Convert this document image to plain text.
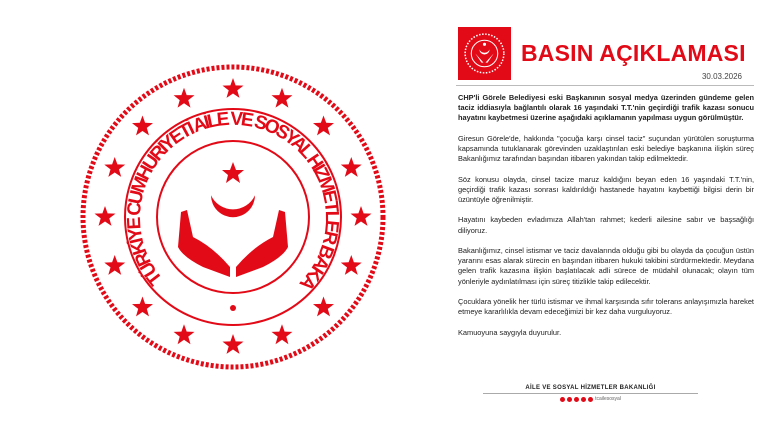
TÜRKİYE CUMHURİYETİ AİLE VE SOSYAL HİZMETLER BAKA
BASIN AÇIKLAMASI
30.03.2026

CHP'li Görele Belediyesi eski Başkanının sosyal medya üzerinden gündeme gelen taciz iddiasıyla bağlantılı olarak 16 yaşındaki T.T.'nin geçirdiği trafik kazası sonucu hayatını kaybetmesi üzerine aşağıdaki açıklamanın yapılması uygun görülmüştür.

Giresun Görele'de, hakkında "çocuğa karşı cinsel taciz" suçundan yürütülen soruşturma kapsamında tutuklanarak görevinden uzaklaştırılan eski belediye başkanına ilişkin süreç Bakanlığımız tarafından başından itibaren yakından takip edilmektedir.

Söz konusu olayda, cinsel tacize maruz kaldığını beyan eden 16 yaşındaki T.T.'nin, geçirdiği trafik kazası sonrası kaldırıldığı hastanede hayatını kaybettiği bilgisi derin bir üzüntüyle öğrenilmiştir.

Hayatını kaybeden evladımıza Allah'tan rahmet; kederli ailesine sabır ve başsağlığı diliyoruz.

Bakanlığımız, cinsel istismar ve taciz davalarında olduğu gibi bu olayda da çocuğun üstün yararını esas alarak sürecin en başından itibaren hukuki takibini sürdürmektedir. Meydana gelen trafik kazasına ilişkin başlatılacak adli sürece de müdahil olunacak; olayın tüm yönleriyle aydınlatılması için süreç titizlikle takip edilecektir.

Çocuklara yönelik her türlü istismar ve ihmal karşısında sıfır tolerans anlayışımızla hareket etmeye kararlılıkla devam edeceğimizi bir kez daha vurguluyoruz.

Kamuoyuna saygıyla duyurulur.

AİLE VE SOSYAL HİZMETLER BAKANLIĞI
tcailesosyal
